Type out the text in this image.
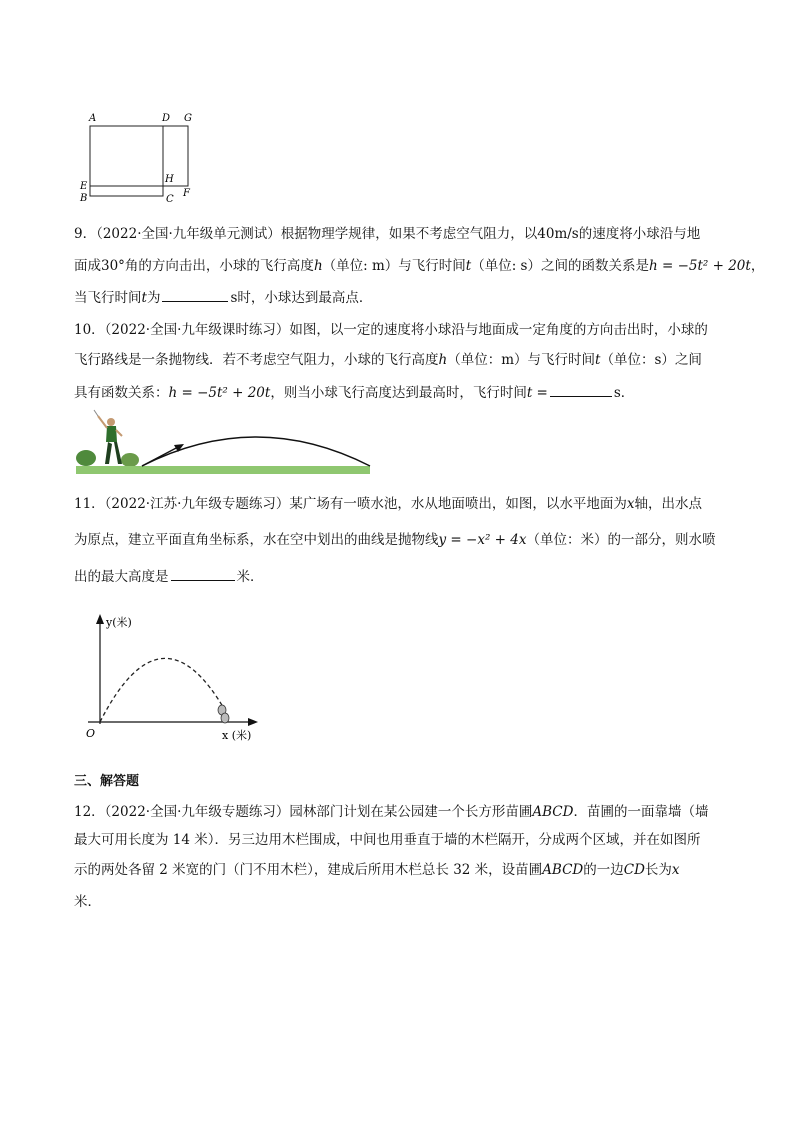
A	D G
E
B
H
C
F
9．（2022·全国·九年级单元测试）根据物理学规律，如果不考虑空气阻力，以40m/s的速度将小球沿与地
面成30°角的方向击出，小球的飞行高度h（单位: m）与飞行时间t（单位: s）之间的函数关系是h = −5t² + 20t，
当飞行时间t为	s时，小球达到最高点．
10．（2022·全国·九年级课时练习）如图，以一定的速度将小球沿与地面成一定角度的方向击出时，小球的
飞行路线是一条抛物线．若不考虑空气阻力，小球的飞行高度h（单位：m）与飞行时间t（单位：s）之间
具有函数关系：h = −5t² + 20t，则当小球飞行高度达到最高时，飞行时间t =	s．
11．（2022·江苏·九年级专题练习）某广场有一喷水池，水从地面喷出，如图，以水平地面为x轴，出水点
为原点，建立平面直角坐标系，水在空中划出的曲线是抛物线y = −x² + 4x（单位：米）的一部分，则水喷
出的最大高度是	米．
y(米)
x (米)
O
三、解答题
12．（2022·全国·九年级专题练习）园林部门计划在某公园建一个长方形苗圃ABCD．苗圃的一面靠墙（墙
最大可用长度为 14 米）．另三边用木栏围成，中间也用垂直于墙的木栏隔开，分成两个区域，并在如图所
示的两处各留 2 米宽的门（门不用木栏），建成后所用木栏总长 32 米，设苗圃ABCD的一边CD长为x
米．
